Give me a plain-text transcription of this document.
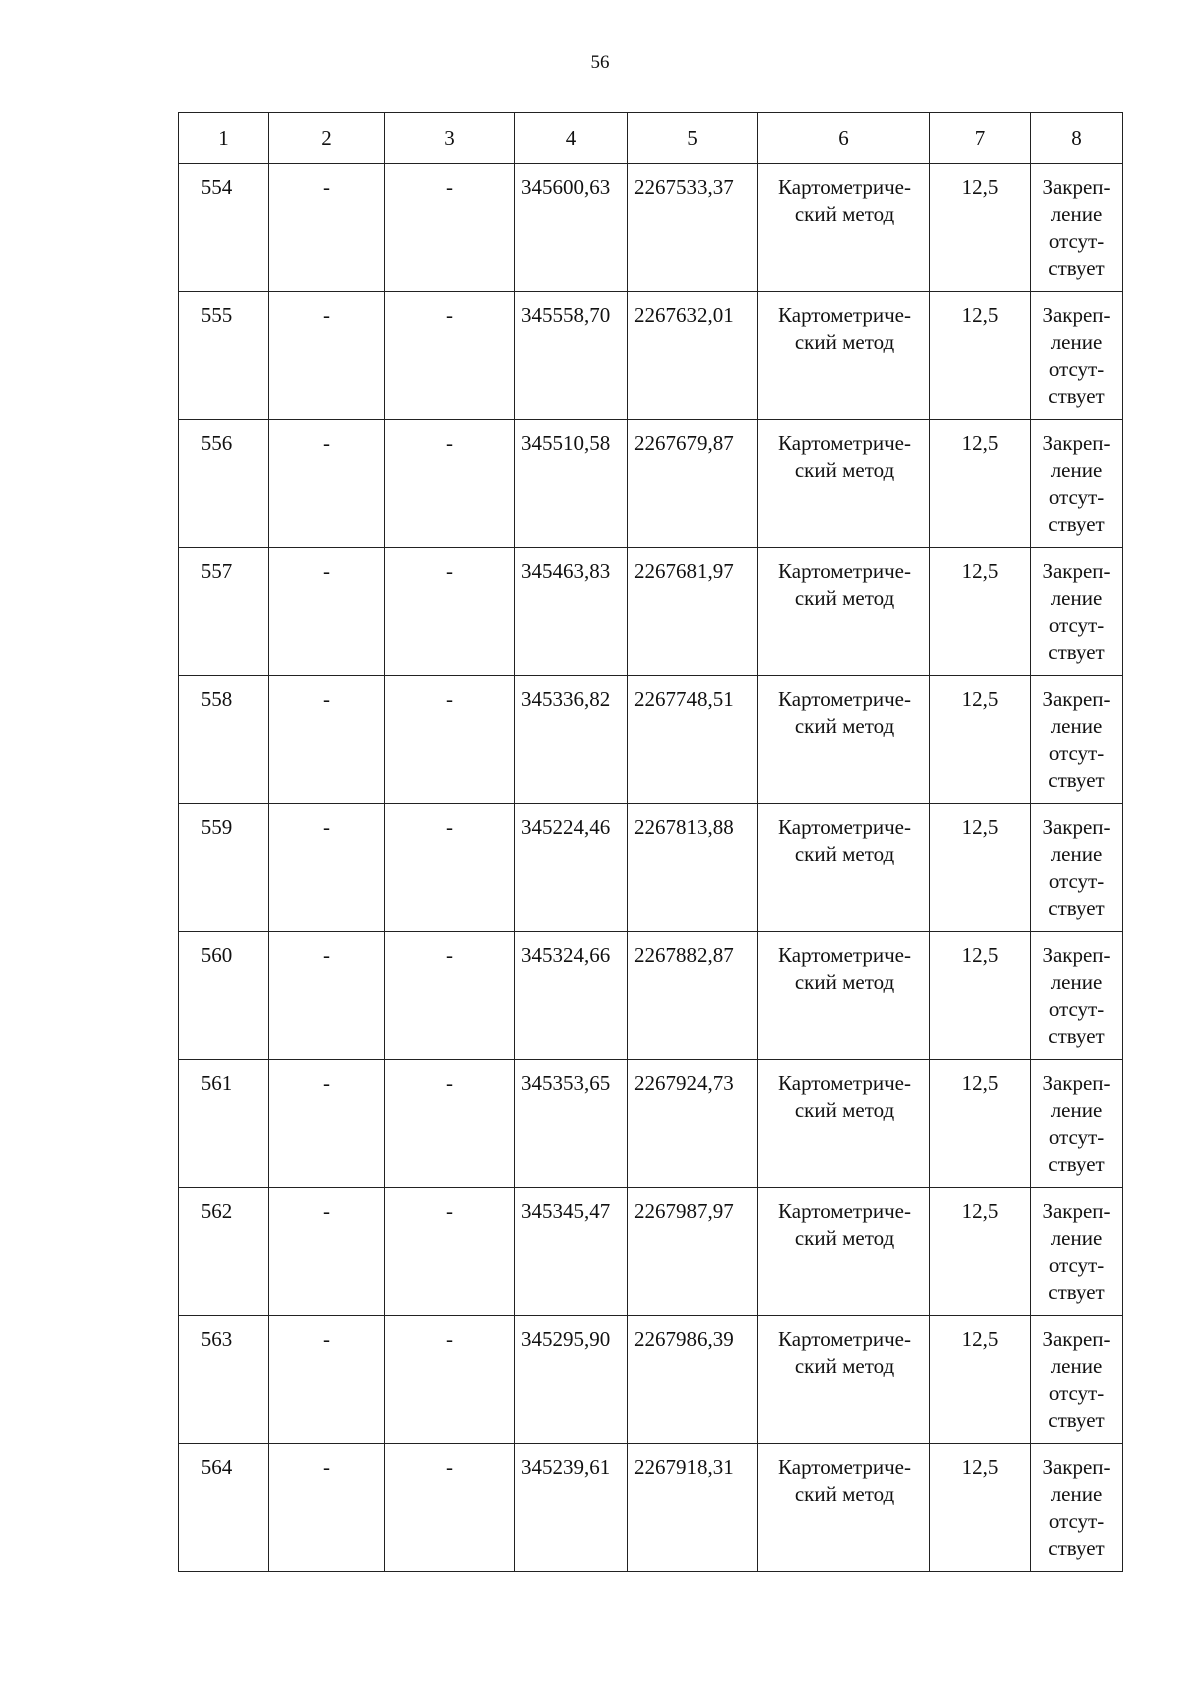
56
1	2	3	4	5	6	7	8

554	-	-	345600,63	2267533,37	Картометриче-
ский метод	12,5	Закреп-
ление
отсут-
ствует

555	-	-	345558,70	2267632,01	Картометриче-
ский метод	12,5	Закреп-
ление
отсут-
ствует

556	-	-	345510,58	2267679,87	Картометриче-
ский метод	12,5	Закреп-
ление
отсут-
ствует

557	-	-	345463,83	2267681,97	Картометриче-
ский метод	12,5	Закреп-
ление
отсут-
ствует

558	-	-	345336,82	2267748,51	Картометриче-
ский метод	12,5	Закреп-
ление
отсут-
ствует

559	-	-	345224,46	2267813,88	Картометриче-
ский метод	12,5	Закреп-
ление
отсут-
ствует

560	-	-	345324,66	2267882,87	Картометриче-
ский метод	12,5	Закреп-
ление
отсут-
ствует

561	-	-	345353,65	2267924,73	Картометриче-
ский метод	12,5	Закреп-
ление
отсут-
ствует

562	-	-	345345,47	2267987,97	Картометриче-
ский метод	12,5	Закреп-
ление
отсут-
ствует

563	-	-	345295,90	2267986,39	Картометриче-
ский метод	12,5	Закреп-
ление
отсут-
ствует

564	-	-	345239,61	2267918,31	Картометриче-
ский метод	12,5	Закреп-
ление
отсут-
ствует
